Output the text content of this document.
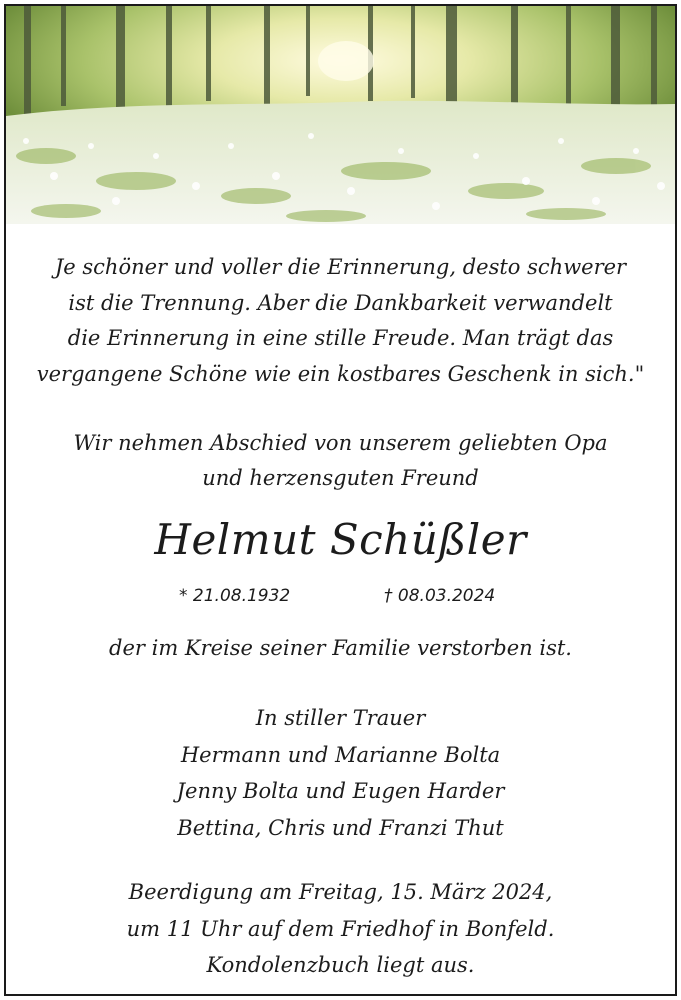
Je schöner und voller die Erinnerung, desto schwerer
ist die Trennung. Aber die Dankbarkeit verwandelt
die Erinnerung in eine stille Freude. Man trägt das
vergangene Schöne wie ein kostbares Geschenk in sich."
Wir nehmen Abschied von unserem geliebten Opa
und herzensguten Freund
Helmut Schüßler
* 21.08.1932	† 08.03.2024
der im Kreise seiner Familie verstorben ist.
In stiller Trauer
Hermann und Marianne Bolta
Jenny Bolta und Eugen Harder
Bettina, Chris und Franzi Thut
Beerdigung am Freitag, 15. März 2024,
um 11 Uhr auf dem Friedhof in Bonfeld.
Kondolenzbuch liegt aus.
